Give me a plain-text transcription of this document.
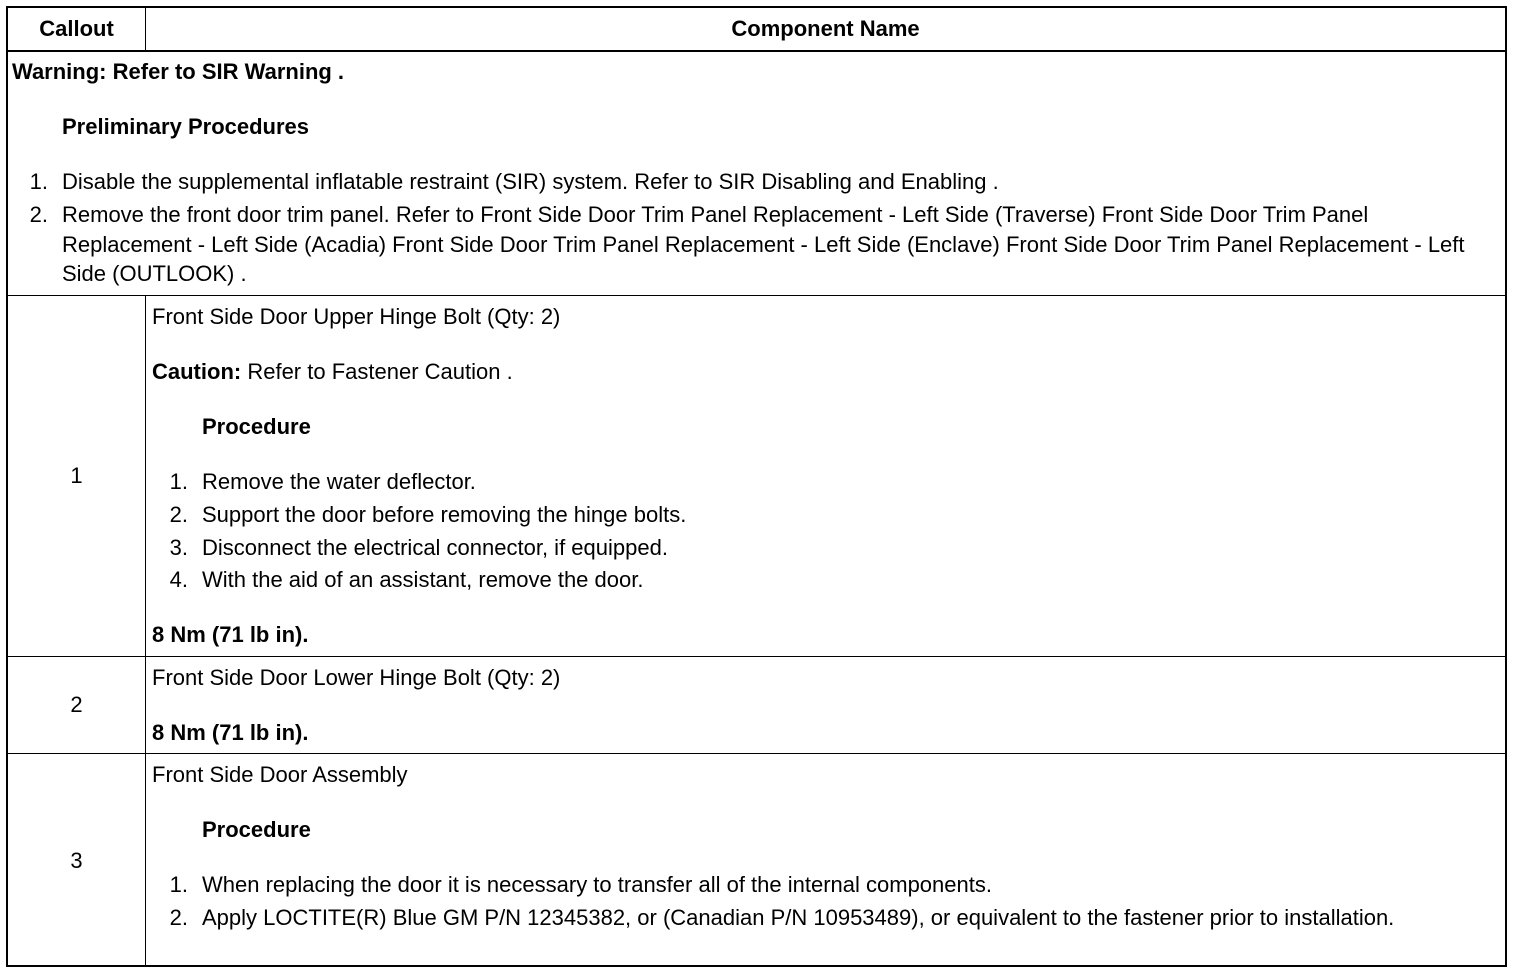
Callout	Component Name
Warning: Refer to SIR Warning .
Preliminary Procedures
1. Disable the supplemental inflatable restraint (SIR) system. Refer to SIR Disabling and Enabling .
2. Remove the front door trim panel. Refer to Front Side Door Trim Panel Replacement - Left Side (Traverse) Front Side Door Trim Panel Replacement - Left Side (Acadia) Front Side Door Trim Panel Replacement - Left Side (Enclave) Front Side Door Trim Panel Replacement - Left Side (OUTLOOK) .
1
Front Side Door Upper Hinge Bolt (Qty: 2)
Caution: Refer to Fastener Caution .
Procedure
1. Remove the water deflector.
2. Support the door before removing the hinge bolts.
3. Disconnect the electrical connector, if equipped.
4. With the aid of an assistant, remove the door.
8 Nm (71 lb in).
2
Front Side Door Lower Hinge Bolt (Qty: 2)
8 Nm (71 lb in).
3
Front Side Door Assembly
Procedure
1. When replacing the door it is necessary to transfer all of the internal components.
2. Apply LOCTITE(R) Blue GM P/N 12345382, or (Canadian P/N 10953489), or equivalent to the fastener prior to installation.
